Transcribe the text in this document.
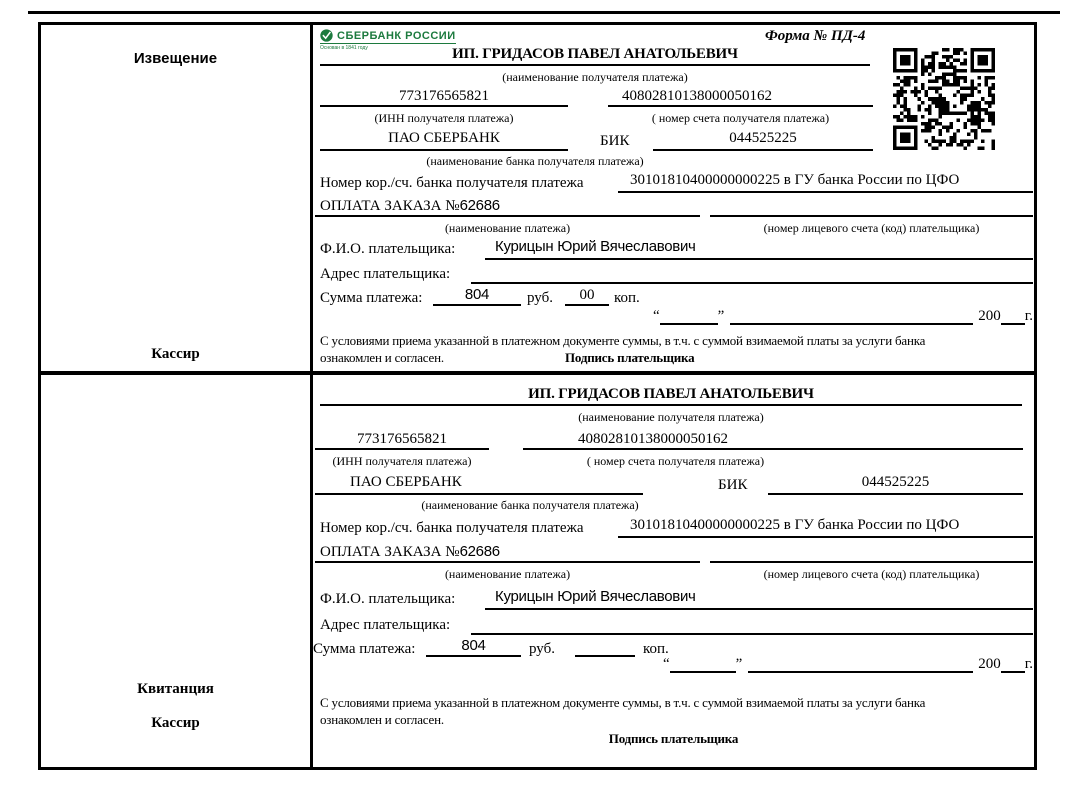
Извещение
Кассир
СБЕРБАНК РОССИИ
Основан в 1841 году
Форма № ПД-4
ИП. ГРИДАСОВ ПАВЕЛ АНАТОЛЬЕВИЧ
(наименование получателя платежа)
773176565821	40802810138000050162
(ИНН получателя платежа)	( номер счета получателя платежа)
ПАО СБЕРБАНК	БИК	044525225
(наименование банка получателя платежа)
Номер кор./сч. банка получателя платежа	30101810400000000225 в ГУ банка России по ЦФО
ОПЛАТА ЗАКАЗА №62686
(наименование платежа)	(номер лицевого счета (код) плательщика)
Ф.И.О. плательщика:	Курицын Юрий Вячеславович
Адрес плательщика:
Сумма платежа:	804	руб.	00	коп.
“	”	200 г.
С условиями приема указанной в платежном документе суммы, в т.ч. с суммой взимаемой платы за услуги банка
ознакомлен и согласен.	Подпись плательщика
Квитанция
Кассир
ИП. ГРИДАСОВ ПАВЕЛ АНАТОЛЬЕВИЧ
(наименование получателя платежа)
773176565821	40802810138000050162
(ИНН получателя платежа)	( номер счета получателя платежа)
ПАО СБЕРБАНК	БИК	044525225
(наименование банка получателя платежа)
Номер кор./сч. банка получателя платежа	30101810400000000225 в ГУ банка России по ЦФО
ОПЛАТА ЗАКАЗА №62686
(наименование платежа)	(номер лицевого счета (код) плательщика)
Ф.И.О. плательщика:	Курицын Юрий Вячеславович
Адрес плательщика:
Сумма платежа:	804	руб.	коп.
“	”	200 г.
С условиями приема указанной в платежном документе суммы, в т.ч. с суммой взимаемой платы за услуги банка
ознакомлен и согласен.
Подпись плательщика
